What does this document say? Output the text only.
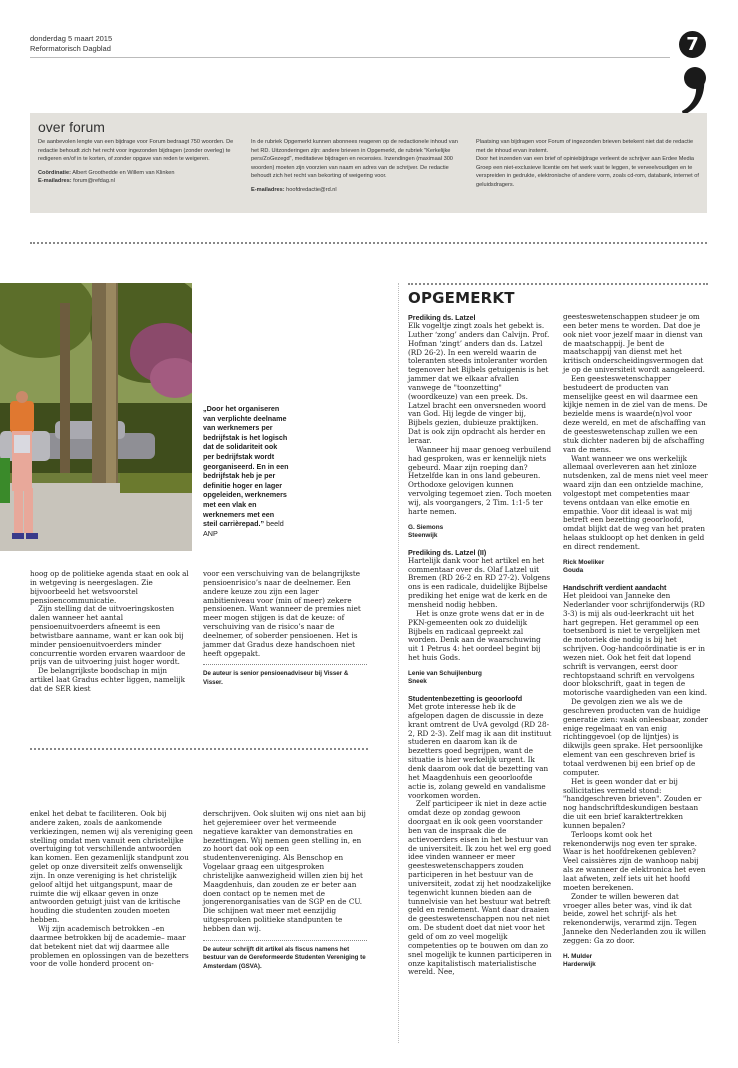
donderdag 5 maart 2015
Reformatorisch Dagblad	7
over forum

De aanbevolen lengte van een bijdrage voor Forum bedraagt 750 woorden. De redactie behoudt zich het recht voor ingezonden bijdragen (zonder overleg) te redigeren en/of in te korten, of zonder opgave van reden te weigeren.

Coördinatie: Albert Groothedde en Willem van Klinken

E-mailadres: forum@refdag.nl

In de rubriek Opgemerkt kunnen abonnees reageren op de redactionele inhoud van het RD. Uitzonderingen zijn: andere brieven in Opgemerkt, de rubriek "Kerkelijke pers/ZoGezegd", meditatieve bijdragen en recensies. Inzendingen (maximaal 300 woorden) moeten zijn voorzien van naam en adres van de schrijver. De redactie behoudt zich het recht van bekorting of weigering voor.

E-mailadres: hoofdredactie@rd.nl

Plaatsing van bijdragen voor Forum of ingezonden brieven betekent niet dat de redactie met de inhoud ervan instemt.

Door het inzenden van een brief of opiniebijdrage verleent de schrijver aan Erdee Media Groep een niet-exclusieve licentie om het werk vast te leggen, te verveelvoudigen en te verspreiden in gedrukte, elektronische of andere vorm, zoals cd-rom, databank, internet of geluidsdragers.

„Door het organiseren van verplichte deelname van werknemers per bedrijfstak is het logisch dat de solidariteit ook per bedrijfstak wordt georganiseerd. En in een bedrijfstak heb je per definitie hoger en lager opgeleiden, werknemers met een vlak en werknemers met een steil carrièrepad.” beeld ANP

hoog op de politieke agenda staat en ook al in wetgeving is neergeslagen. Zie bijvoorbeeld het wetsvoorstel pensioencommunicatie.

Zijn stelling dat de uitvoeringskosten dalen wanneer het aantal pensioenuitvoerders afneemt is een betwistbare aanname, want er kan ook bij minder pensioenuitvoerders minder concurrentie worden ervaren waardoor de prijs van de uitvoering juist hoger wordt.

De belangrijkste boodschap in mijn artikel laat Gradus echter liggen, namelijk dat de SER kiest

voor een verschuiving van de belangrijkste pensioenrisico’s naar de deelnemer. Een andere keuze zou zijn een lager ambitieniveau voor (min of meer) zekere pensioenen. Want wanneer de premies niet meer mogen stijgen is dat de keuze: of verschuiving van de risico’s naar de deelnemer, of soberder pensioenen. Het is jammer dat Gradus deze handschoen niet heeft opgepakt.

De auteur is senior pensioenadviseur bij Visser & Visser.

enkel het debat te faciliteren. Ook bij andere zaken, zoals de aankomende verkiezingen, nemen wij als vereniging geen stelling omdat men vanuit een christelijke overtuiging tot verschillende antwoorden kan komen. Een gezamenlijk standpunt zou gelet op onze diversiteit zelfs onwenselijk zijn. In onze vereniging is het christelijk geloof altijd het uitgangspunt, maar de ruimte die wij elkaar geven in onze antwoorden getuigt juist van de kritische houding die studenten zouden moeten hebben.

Wij zijn academisch betrokken –en daarmee betrokken bij de academie– maar dat betekent niet dat wij daarmee alle problemen en oplossingen van de bezetters voor de volle honderd procent on-

derschrijven. Ook sluiten wij ons niet aan bij het gejeremieer over het vermeende negatieve karakter van demonstraties en bezettingen. Wij nemen geen stelling in, en zo hoort dat ook op een studentenvereniging. Als Benschop en Vogelaar graag een uitgesproken christelijke aanwezigheid willen zien bij het Maagdenhuis, dan zouden ze er beter aan doen contact op te nemen met de jongerenorganisaties van de SGP en de CU. Die schijnen wat meer met eenzijdig uitgesproken politieke standpunten te hebben dan wij.

De auteur schrijft dit artikel als fiscus namens het bestuur van de Gereformeerde Studenten Vereniging te Amsterdam (GSVA).

OPGEMERKT

Prediking ds. Latzel

Elk vogeltje zingt zoals het gebekt is. Luther ‘zong’ anders dan Calvijn. Prof. Hofman ‘zingt’ anders dan ds. Latzel (RD 26-2). In een wereld waarin de toleranten steeds intoleranter worden tegenover het Bijbels getuigenis is het jammer dat we elkaar afvallen vanwege de "toonzetting" (woordkeuze) van een preek. Ds. Latzel bracht een onversneden woord van God. Hij legde de vinger bij, Bijbels gezien, dubieuze praktijken. Dat is ook zijn opdracht als herder en leraar.

Wanneer hij maar genoeg verbuilend had gesproken, was er kennelijk niets gebeurd. Maar zijn roeping dan? Hetzelfde kan in ons land gebeuren. Orthodoxe gelovigen kunnen vervolging tegemoet zien. Toch moeten wij, als voorgangers, 2 Tim. 1:1-5 ter harte nemen.

G. Siemons

Steenwijk

Prediking ds. Latzel (II)

Hartelijk dank voor het artikel en het commentaar over ds. Olaf Latzel uit Bremen (RD 26-2 en RD 27-2). Volgens ons is een radicale, duidelijke Bijbelse prediking het enige wat de kerk en de mensheid nodig hebben.

Het is onze grote wens dat er in de PKN-gemeenten ook zo duidelijk Bijbels en radicaal gepreekt zal worden. Denk aan de waarschuwing uit 1 Petrus 4: het oordeel begint bij het huis Gods.

Lenie van Schuijlenburg

Sneek

Studentenbezetting is geoorloofd

Met grote interesse heb ik de afgelopen dagen de discussie in deze krant omtrent de UvA gevolgd (RD 28-2, RD 2-3). Zelf mag ik aan dit instituut studeren en daarom kan ik de bezetters goed begrijpen, want de situatie is hier werkelijk urgent. Ik denk daarom ook dat de bezetting van het Maagdenhuis een geoorloofde actie is, zolang geweld en vandalisme voorkomen worden.

Zelf participeer ik niet in deze actie omdat deze op zondag gewoon doorgaat en ik ook geen voorstander ben van de inspraak die de actievoerders eisen in het bestuur van de universiteit. Ik zou het wel erg goed idee vinden wanneer er meer geesteswetenschappers zouden participeren in het bestuur van de universiteit, zodat zij het noodzakelijke tegenwicht kunnen bieden aan de tunnelvisie van het bestuur wat betreft geld en rendement. Want daar draaien de geesteswetenschappen nou net niet om. De student doet dat niet voor het geld of om zo veel mogelijk competenties op te bouwen om dan zo snel mogelijk te kunnen participeren in onze kapitalistisch materialistische wereld. Nee,

geesteswetenschappen studeer je om een beter mens te worden. Dat doe je ook niet voor jezelf maar in dienst van de maatschappij. Je bent de maatschappij van dienst met het kritisch onderscheidingsvermogen dat je op de universiteit wordt aangeleerd.

Een geesteswetenschapper bestudeert de producten van menselijke geest en wil daarmee een kijkje nemen in de ziel van de mens. De bezielde mens is waarde(n)vol voor deze wereld, en met de afschaffing van de geesteswetenschap zullen we een stuk dichter naderen bij de afschaffing van de mens.

Want wanneer we ons werkelijk allemaal overleveren aan het zinloze nutsdenken, zal de mens niet veel meer waard zijn dan een ontzielde machine, volgestopt met competenties maar tevens ontdaan van elke emotie en empathie. Voor dit ideaal is wat mij betreft een bezetting geoorloofd, omdat blijkt dat de weg van het praten helaas stukloopt op het denken in geld en direct rendement.

Rick Moeliker

Gouda

Handschrift verdient aandacht

Het pleidooi van Janneke den Nederlander voor schrijfonderwijs (RD 3-3) is mij als oud-leerkracht uit het hart gegrepen. Het gerammel op een toetsenbord is niet te vergelijken met de motoriek die nodig is bij het schrijven. Oog-handcoördinatie is er in wezen niet. Ook het feit dat lopend schrift is vervangen, eerst door rechtopstaand schrift en vervolgens door blokschrift, gaat in tegen de motorische vaardigheden van een kind.

De gevolgen zien we als we de geschreven producten van de huidige generatie zien: vaak onleesbaar, zonder enige regelmaat en van enig richtinggevoel (op de lijntjes) is dikwijls geen sprake. Het persoonlijke element van een geschreven brief is totaal verdwenen bij een brief op de computer.

Het is geen wonder dat er bij sollicitaties vermeld stond: "handgeschreven brieven". Zouden er nog handschriftdeskundigen bestaan die uit een brief karaktertrekken kunnen bepalen?

Terloops komt ook het rekenonderwijs nog even ter sprake. Waar is het hoofdrekenen gebleven? Veel caissières zijn de wanhoop nabij als ze wanneer de elektronica het even laat afweten, zelf iets uit het hoofd moeten berekenen.

Zonder te willen beweren dat vroeger alles beter was, vind ik dat beide, zowel het schrijf- als het rekenonderwijs, verarmd zijn. Tegen Janneke den Nederlanden zou ik willen zeggen: Ga zo door.

H. Mulder

Harderwijk
